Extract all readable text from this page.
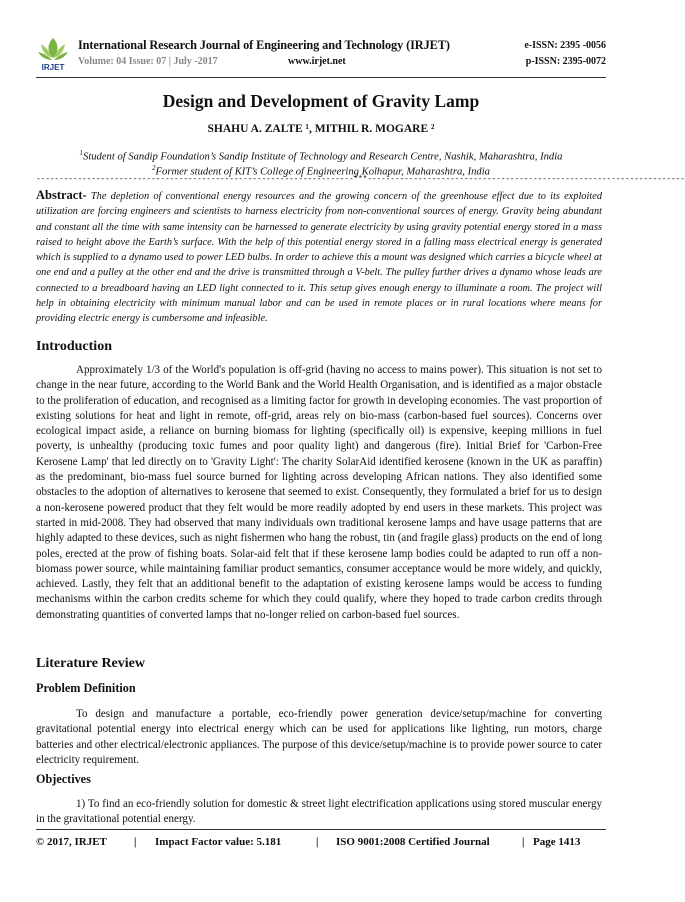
IRJET
International Research Journal of Engineering and Technology (IRJET)	e-ISSN: 2395 -0056
Volume: 04 Issue: 07 | July -2017	www.irjet.net	p-ISSN: 2395-0072
Design and Development of Gravity Lamp
SHAHU A. ZALTE ¹, MITHIL R. MOGARE ²
$^1$Student of Sandip Foundation’s Sandip Institute of Technology and Research Centre, Nashik, Maharashtra, India
$^2$Former student of KIT’s College of Engineering Kolhapur, Maharashtra, India
---------------------------------------------------------------------***---------------------------------------------------------------------
Abstract- The depletion of conventional energy resources and the growing concern of the greenhouse effect due to its exploited utilization are forcing engineers and scientists to harness electricity from non-conventional sources of energy. Gravity being abundant and constant all the time with same intensity can be harnessed to generate electricity by using gravity potential energy stored in a mass raised to height above the Earth’s surface. With the help of this potential energy stored in a falling mass electrical energy is generated which is supplied to a dynamo used to power LED bulbs. In order to achieve this a mount was designed which carries a bicycle wheel at one end and a pulley at the other end and the drive is transmitted through a V-belt. The pulley further drives a dynamo whose leads are connected to a breadboard having an LED light connected to it. This setup gives enough energy to illuminate a room. The project will help in obtaining electricity with minimum manual labor and can be used in remote places or in rural locations where means for providing electric energy is cumbersome and infeasible.
Introduction
Approximately 1/3 of the World's population is off-grid (having no access to mains power). This situation is not set to change in the near future, according to the World Bank and the World Health Organisation, and is identified as a major obstacle to the proliferation of education, and recognised as a limiting factor for growth in developing economies. The vast proportion of existing solutions for heat and light in remote, off-grid, areas rely on bio-mass (carbon-based fuel sources). Concerns over ecological impact aside, a reliance on burning biomass for lighting (specifically oil) is expensive, keeping millions in fuel poverty, is unhealthy (producing toxic fumes and poor quality light) and dangerous (fire). Initial Brief for 'Carbon-Free Kerosene Lamp' that led directly on to 'Gravity Light': The charity SolarAid identified kerosene (known in the UK as paraffin) as the predominant, bio-mass fuel source burned for lighting across developing African nations. They also identified some obstacles to the adoption of alternatives to kerosene that seemed to exist. Consequently, they formulated a brief for us to design a non-kerosene powered product that they felt would be more readily adopted by end users in these markets. This project was started in mid-2008. They had observed that many individuals own traditional kerosene lamps and have usage patterns that are highly adapted to these devices, such as night fishermen who hang the robust, tin (and fragile glass) products on the end of long poles, erected at the prow of fishing boats. Solar-aid felt that if these kerosene lamp bodies could be adapted to run off a non-biomass power source, while maintaining familiar product semantics, consumer acceptance would be more widely, and quickly, achieved. Lastly, they felt that an additional benefit to the adaptation of existing kerosene lamps would be access to funding mechanisms within the carbon credits scheme for which they could qualify, where they hoped to trade carbon credits through demonstrating quantities of converted lamps that no-longer relied on carbon-based fuel sources.
Literature Review
Problem Definition
To design and manufacture a portable, eco-friendly power generation device/setup/machine for converting gravitational potential energy into electrical energy which can be used for applications like lighting, run motors, charge batteries and other electrical/electronic appliances. The purpose of this device/setup/machine is to provide power source to cater electricity requirement.
Objectives
1) To find an eco-friendly solution for domestic & street light electrification applications using stored muscular energy in the gravitational potential energy.
© 2017, IRJET | Impact Factor value: 5.181	| ISO 9001:2008 Certified Journal	| Page 1413
